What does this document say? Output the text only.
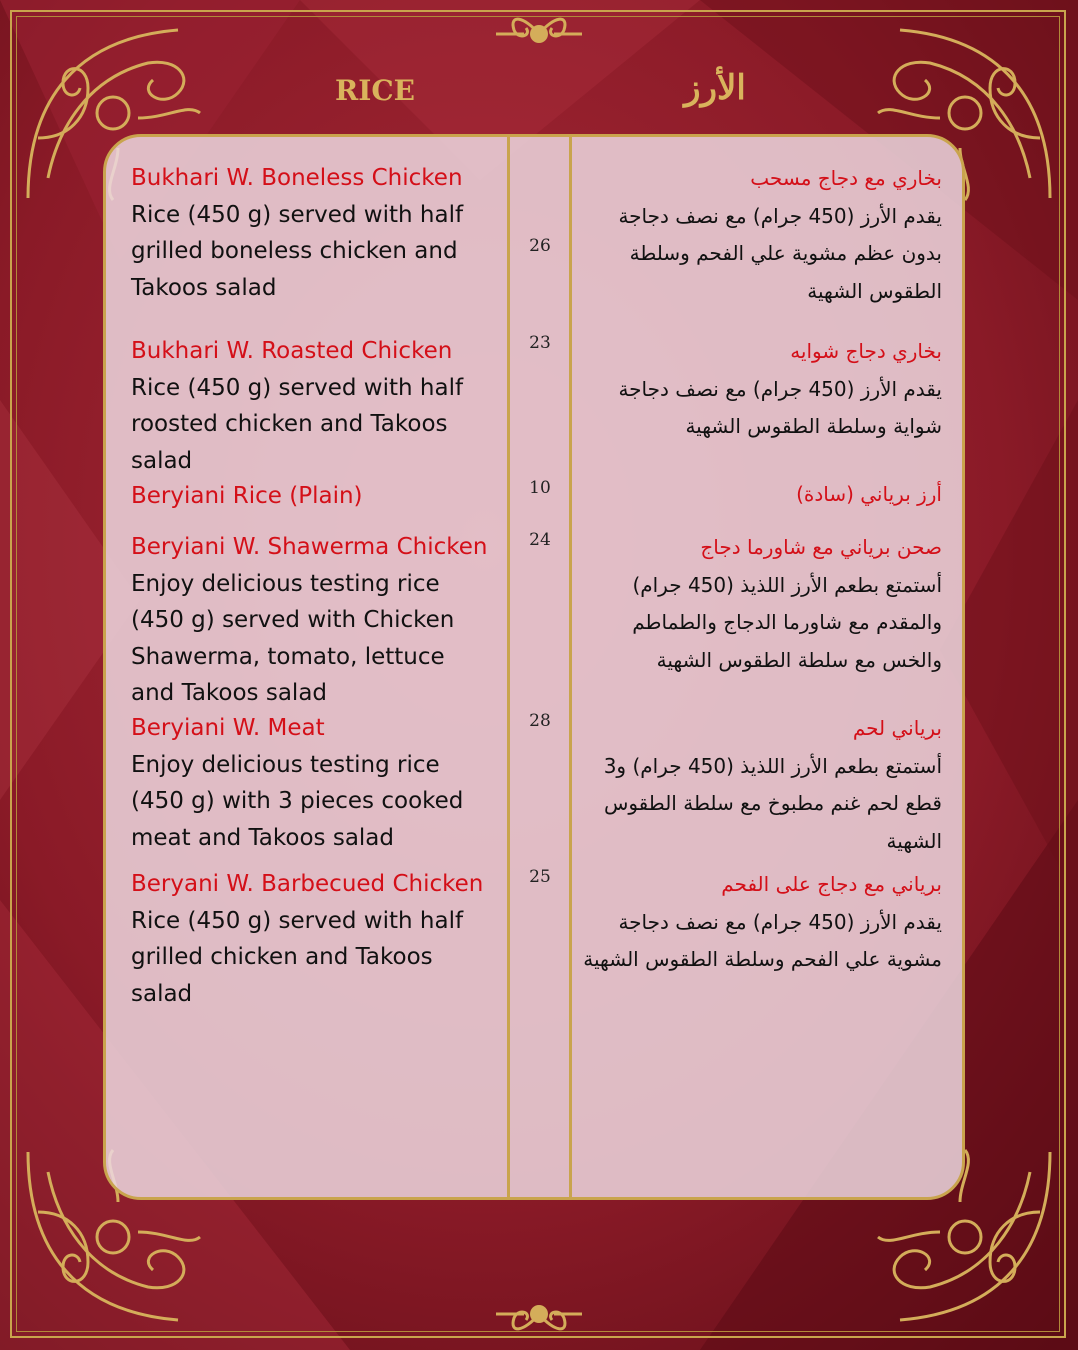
RICE	الأرز
Bukhari W. Boneless Chicken
Rice (450 g) served with half grilled boneless chicken and Takoos salad
26
بخاري مع دجاج مسحب
يقدم الأرز (450 جرام) مع نصف دجاجة بدون عظم مشوية علي الفحم وسلطة الطقوس الشهية
Bukhari W. Roasted Chicken
Rice (450 g) served with half roosted chicken and Takoos salad
23	بخاري دجاج شوايه
يقدم الأرز (450 جرام) مع نصف دجاجة شواية وسلطة الطقوس الشهية
Beryiani Rice (Plain)	10	أرز برياني (سادة)
Beryiani W. Shawerma Chicken
Enjoy delicious testing rice (450 g) served with Chicken Shawerma, tomato, lettuce and Takoos salad
24	صحن برياني مع شاورما دجاج
أستمتع بطعم الأرز اللذيذ (450 جرام) والمقدم مع شاورما الدجاج والطماطم والخس مع سلطة الطقوس الشهية
Beryiani W. Meat
Enjoy delicious testing rice (450 g) with 3 pieces cooked meat and Takoos salad
28	برياني لحم
أستمتع بطعم الأرز اللذيذ (450 جرام) و3 قطع لحم غنم مطبوخ مع سلطة الطقوس الشهية
Beryani W. Barbecued Chicken
Rice (450 g) served with half grilled chicken and Takoos salad
25	برياني مع دجاج على الفحم
يقدم الأرز (450 جرام) مع نصف دجاجة مشوية علي الفحم وسلطة الطقوس الشهية
